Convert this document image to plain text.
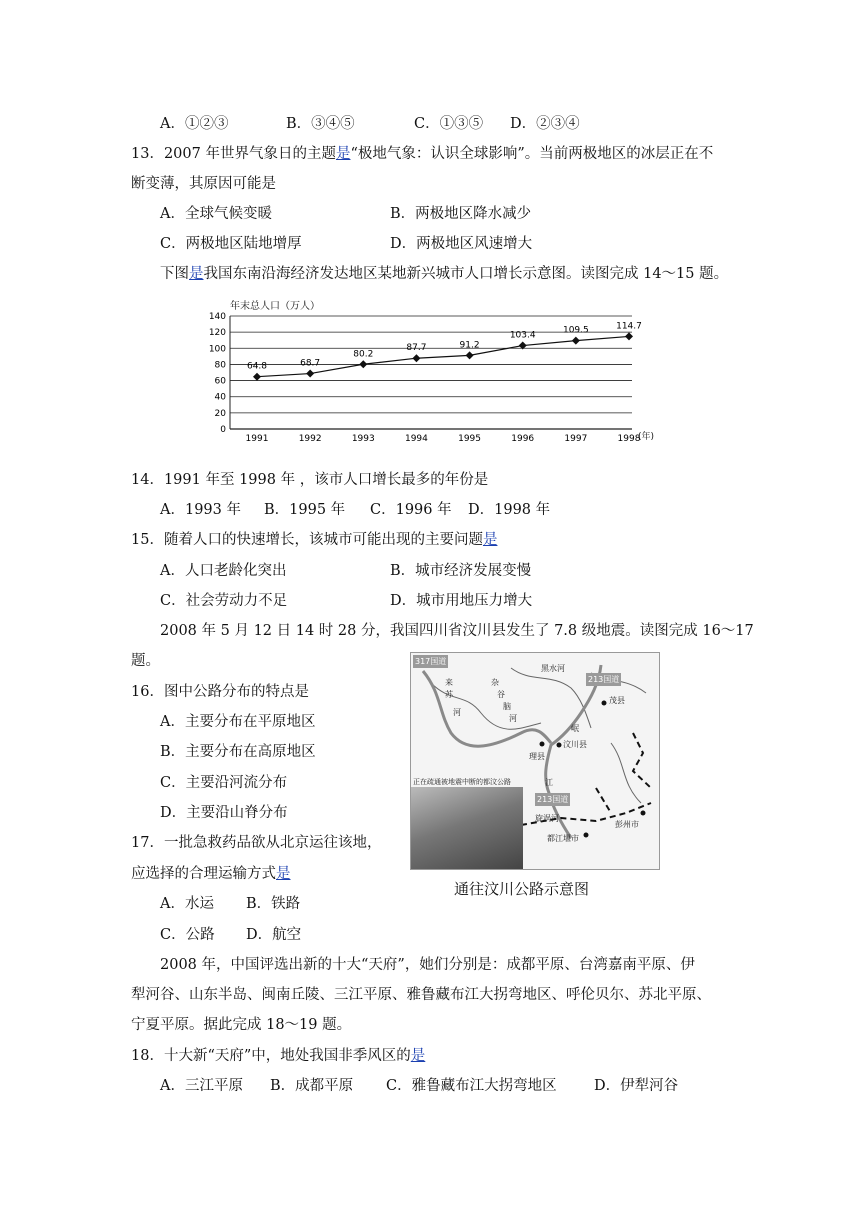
A．①②③	B．③④⑤	C．①③⑤ D．②③④
13．2007 年世界气象日的主题是“极地气象：认识全球影响”。当前两极地区的冰层正在不
断变薄，其原因可能是
A．全球气候变暖	B．两极地区降水减少
C．两极地区陆地增厚	D．两极地区风速增大
下图是我国东南沿海经济发达地区某地新兴城市人口增长示意图。读图完成 14～15 题。
年末总人口（万人）
140
120
100
80
60
40
20
0
1991	1992	1993	1994	1995	1996	1997	1998
64.8	68.7
80.2
87.7	91.2
103.4	109.5	114.7
(年)
14．1991 年至 1998 年 ，该市人口增长最多的年份是
A．1993 年 B．1995 年 C．1996 年 D．1998 年
15．随着人口的快速增长，该城市可能出现的主要问题是
A．人口老龄化突出	B．城市经济发展变慢
C．社会劳动力不足	D．城市用地压力增大
2008 年 5 月 12 日 14 时 28 分，我国四川省汶川县发生了 7.8 级地震。读图完成 16～17
题。
16．图中公路分布的特点是
A．主要分布在平原地区
B．主要分布在高原地区
C．主要沿河流分布
D．主要沿山脊分布
17．一批急救药品欲从北京运往该地，
应选择的合理运输方式是
A．水运 B．铁路
C．公路 D．航空
317国道
213国道
213国道
黑水河
茂县
理县
汶川县
彭州市
都江堰市
旋涡河
正在疏通被地震中断的都汶公路
来
苏
河
杂
谷
脑
河
岷
江
通往汶川公路示意图
2008 年，中国评选出新的十大“天府”，她们分别是：成都平原、台湾嘉南平原、伊
犁河谷、山东半岛、闽南丘陵、三江平原、雅鲁藏布江大拐弯地区、呼伦贝尔、苏北平原、
宁夏平原。据此完成 18～19 题。
18．十大新“天府”中，地处我国非季风区的是
A．三江平原 B．成都平原 C．雅鲁藏布江大拐弯地区	D．伊犁河谷
